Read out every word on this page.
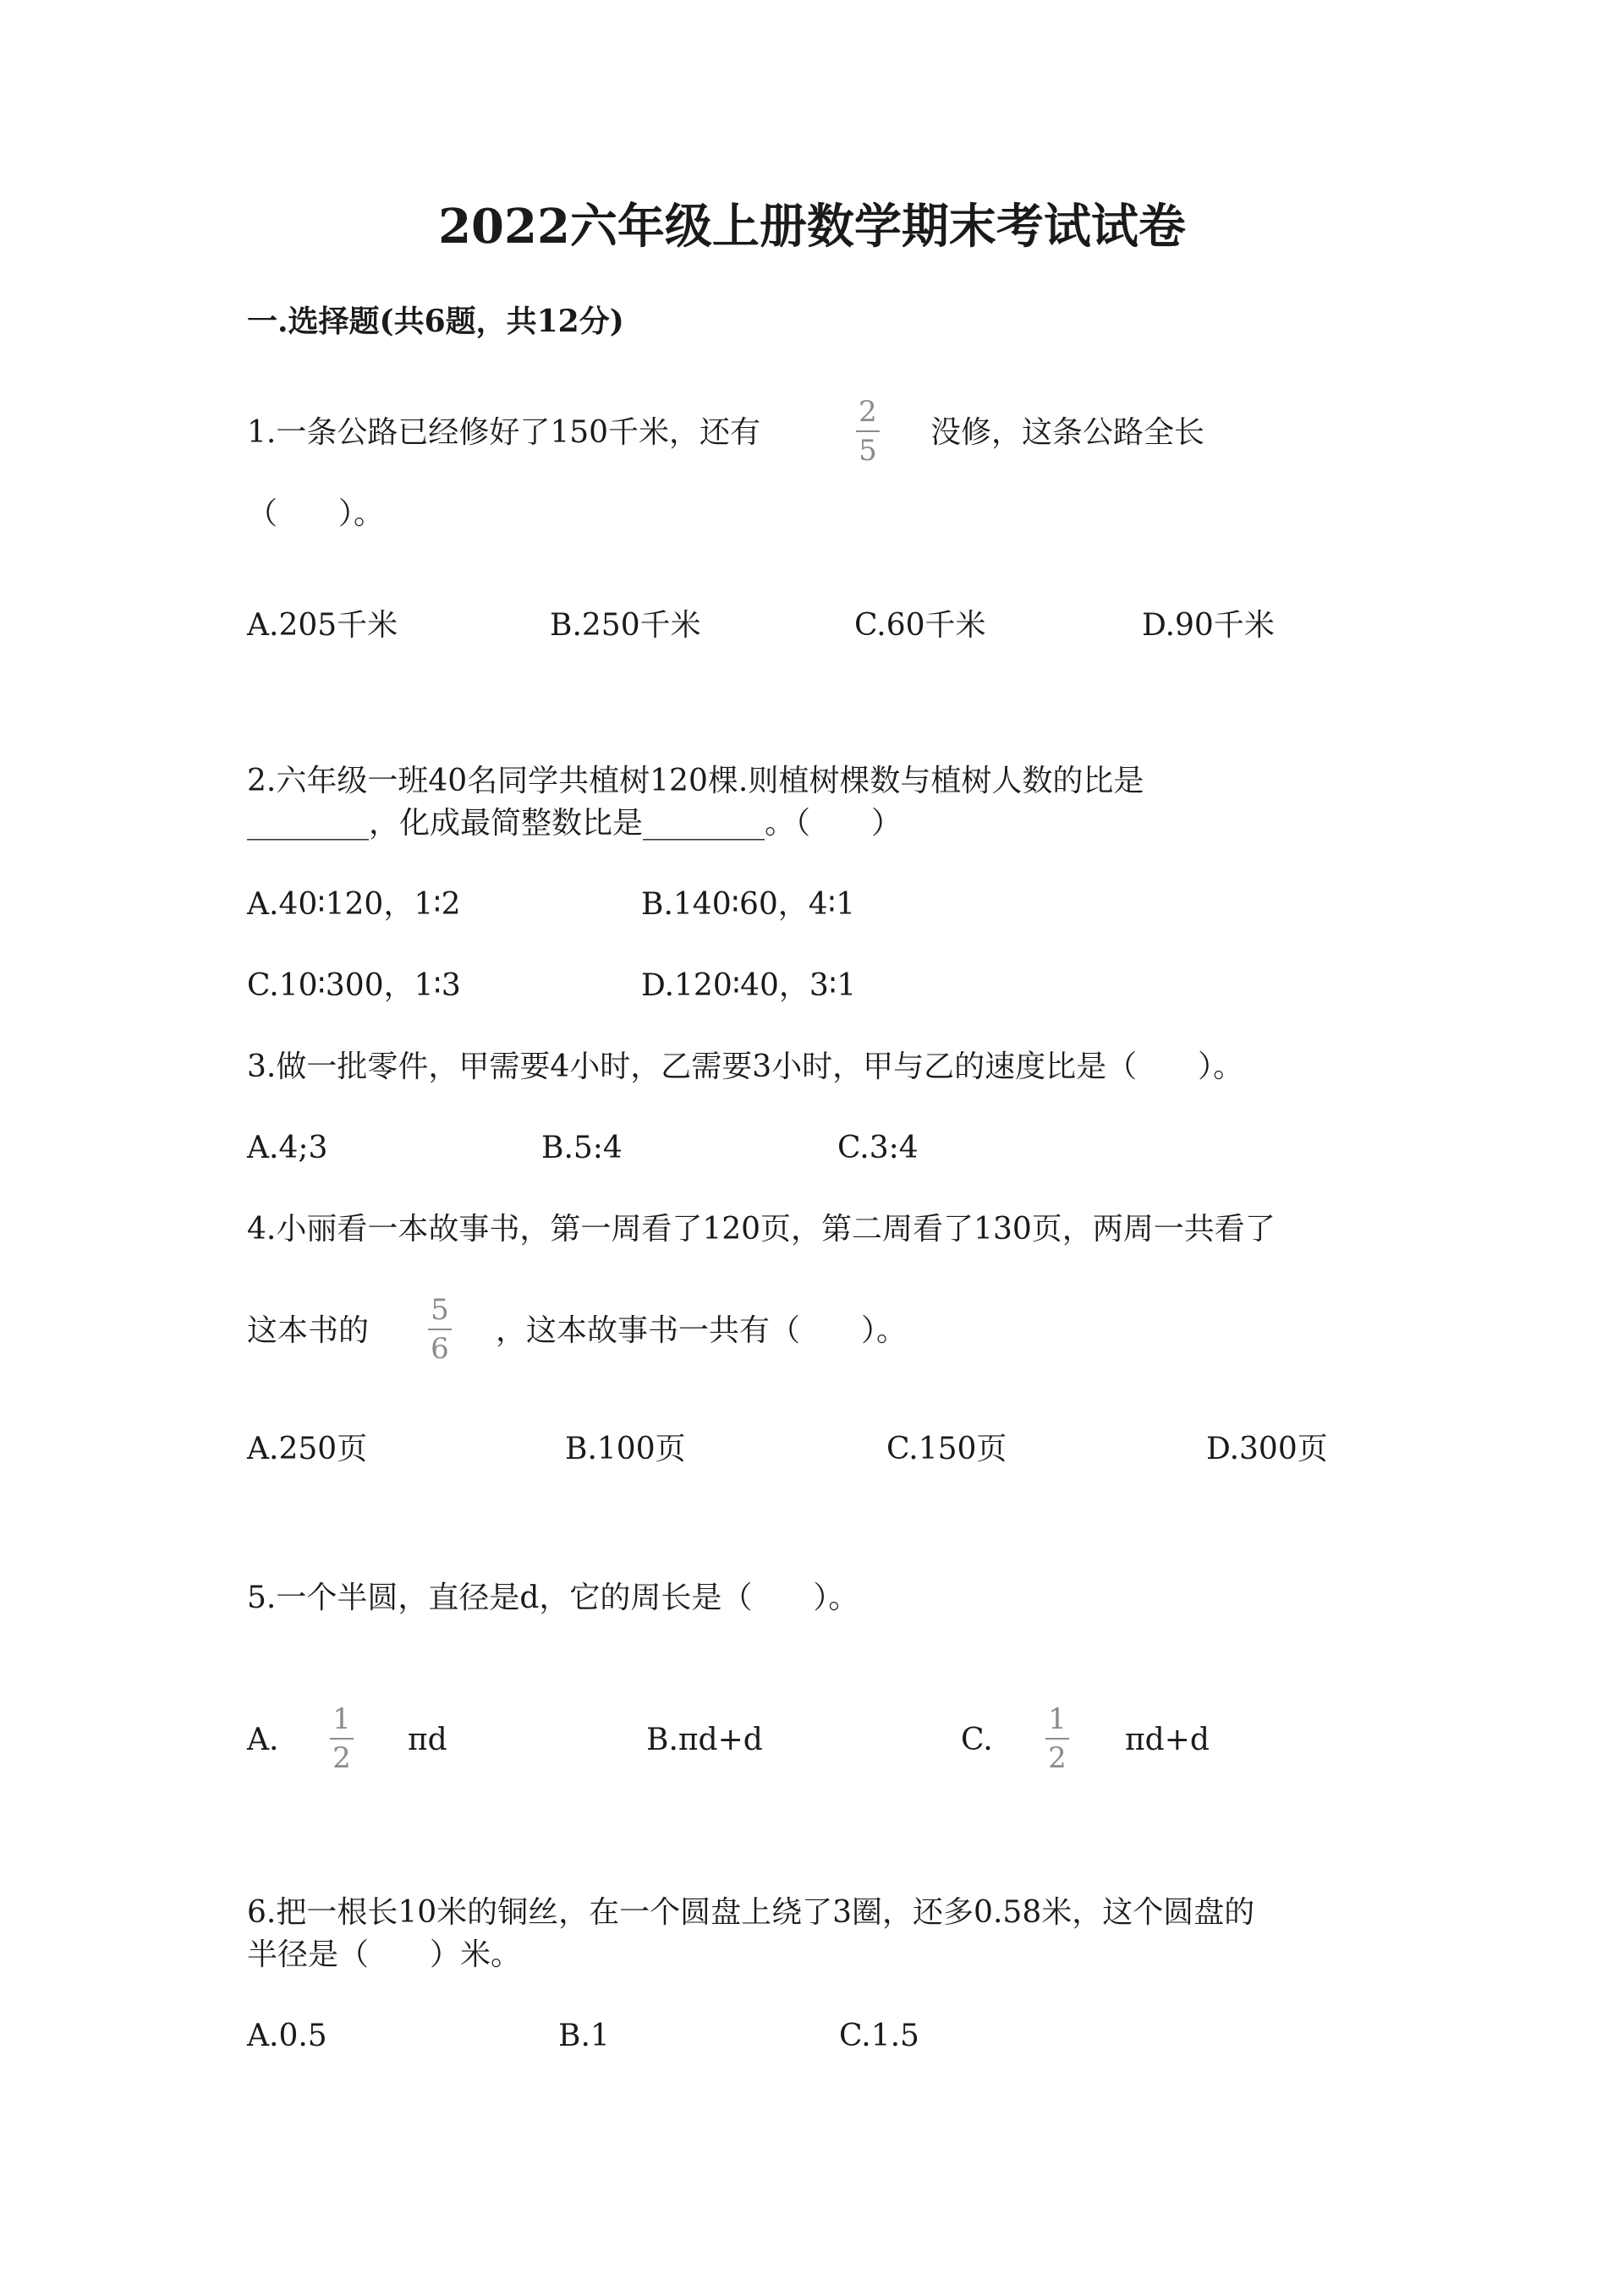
2022六年级上册数学期末考试试卷
一.选择题(共6题，共12分)
1.一条公路已经修好了150千米，还有
2
5
没修，这条公路全长
（　　）。
A.205千米	B.250千米	C.60千米	D.90千米
2.六年级一班40名同学共植树120棵.则植树棵数与植树人数的比是
________，化成最简整数比是________。（　　）
A.40∶120，1∶2	B.140∶60，4∶1
C.10∶300，1∶3	D.120∶40，3∶1
3.做一批零件，甲需要4小时，乙需要3小时，甲与乙的速度比是（　　）。
A.4;3	B.5:4	C.3:4
4.小丽看一本故事书，第一周看了120页，第二周看了130页，两周一共看了
这本书的
5
6
，这本故事书一共有（　　）。
A.250页	B.100页	C.150页	D.300页
5.一个半圆，直径是d，它的周长是（　　）。
A.
1
2
πd	B.πd+d	C.
1
2
πd+d
6.把一根长10米的铜丝，在一个圆盘上绕了3圈，还多0.58米，这个圆盘的
半径是（　　）米。
A.0.5	B.1	C.1.5
